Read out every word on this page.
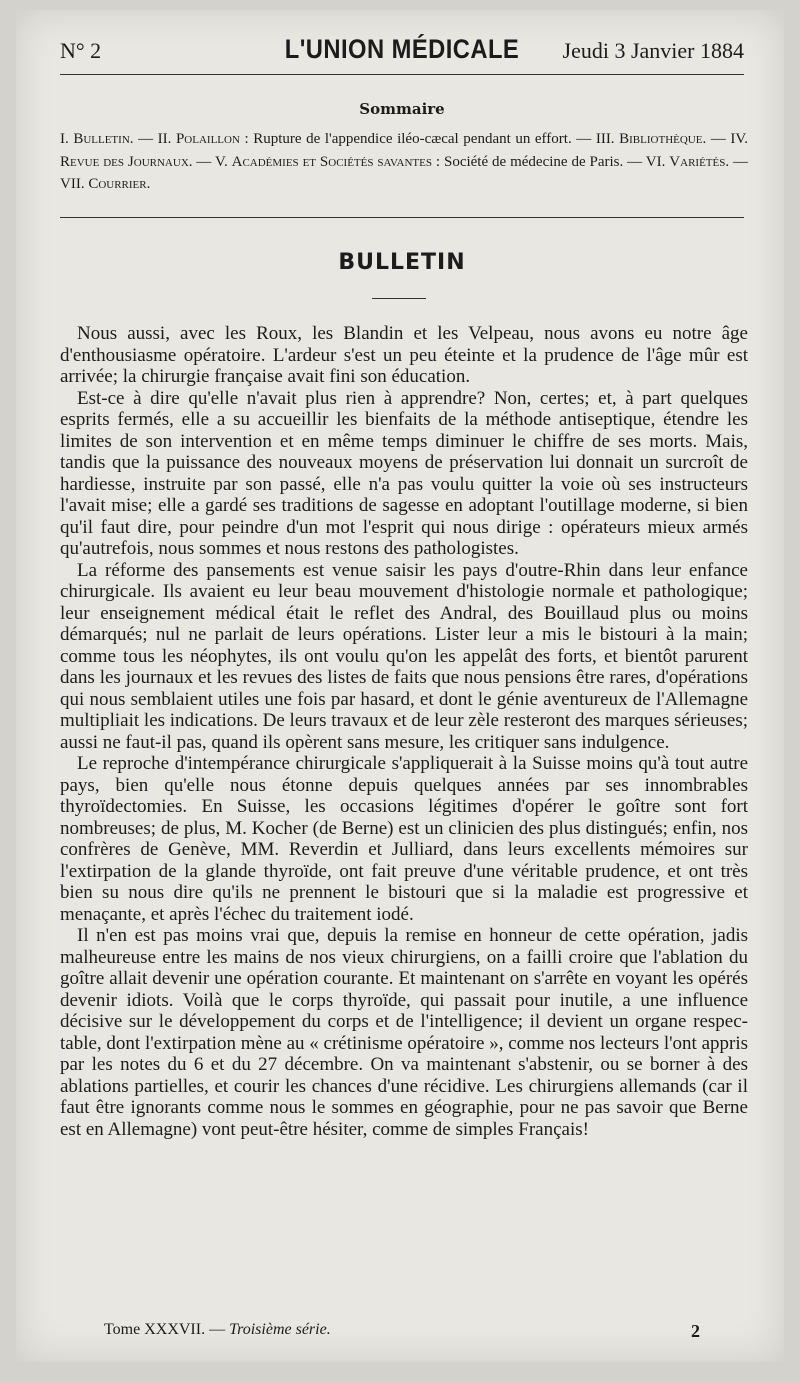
N° 2	L'UNION MÉDICALE	Jeudi 3 Janvier 1884
Sommaire
I. Bulletin. — II. Polaillon : Rupture de l'appendice iléo-cæcal pendant un effort. — III. Bibliothèque. — IV. Revue des Journaux. — V. Académies et Sociétés savantes : Société de médecine de Paris. — VI. Variétés. — VII. Courrier.
BULLETIN

Nous aussi, avec les Roux, les Blandin et les Velpeau, nous avons eu notre âge d'enthousiasme opératoire. L'ardeur s'est un peu éteinte et la prudence de l'âge mûr est arrivée; la chirurgie française avait fini son éducation.

Est-ce à dire qu'elle n'avait plus rien à apprendre? Non, certes; et, à part quelques esprits fermés, elle a su accueillir les bienfaits de la méthode antiseptique, étendre les limites de son intervention et en même temps diminuer le chiffre de ses morts. Mais, tandis que la puissance des nouveaux moyens de préservation lui donnait un surcroît de hardiesse, instruite par son passé, elle n'a pas voulu quitter la voie où ses instructeurs l'avait mise; elle a gardé ses traditions de sagesse en adoptant l'outillage moderne, si bien qu'il faut dire, pour peindre d'un mot l'esprit qui nous dirige : opérateurs mieux armés qu'autrefois, nous sommes et nous restons des pathologistes.

La réforme des pansements est venue saisir les pays d'outre-Rhin dans leur enfance chirurgicale. Ils avaient eu leur beau mouvement d'histologie normale et pathologique; leur enseignement médical était le reflet des Andral, des Bouillaud plus ou moins démarqués; nul ne parlait de leurs opérations. Lister leur a mis le bistouri à la main; comme tous les néophytes, ils ont voulu qu'on les appelât des forts, et bientôt parurent dans les journaux et les revues des listes de faits que nous pensions être rares, d'opérations qui nous semblaient utiles une fois par hasard, et dont le génie aventureux de l'Allemagne multipliait les indications. De leurs travaux et de leur zèle resteront des marques sérieuses; aussi ne faut-il pas, quand ils opèrent sans mesure, les critiquer sans indulgence.

Le reproche d'intempérance chirurgicale s'appliquerait à la Suisse moins qu'à tout autre pays, bien qu'elle nous étonne depuis quelques années par ses innombrables thyroïdectomies. En Suisse, les occasions légitimes d'opérer le goître sont fort nombreuses; de plus, M. Kocher (de Berne) est un clinicien des plus distingués; enfin, nos confrères de Genève, MM. Reverdin et Julliard, dans leurs excellents mémoires sur l'extirpation de la glande thyroïde, ont fait preuve d'une véritable prudence, et ont très bien su nous dire qu'ils ne prennent le bistouri que si la maladie est progressive et menaçante, et après l'échec du traitement iodé.

Il n'en est pas moins vrai que, depuis la remise en honneur de cette opération, jadis malheureuse entre les mains de nos vieux chirurgiens, on a failli croire que l'ablation du goître allait devenir une opération courante. Et maintenant on s'arrête en voyant les opérés devenir idiots. Voilà que le corps thyroïde, qui passait pour inutile, a une influence décisive sur le développement du corps et de l'intelligence; il devient un organe respectable, dont l'extirpation mène au « crétinisme opératoire », comme nos lecteurs l'ont appris par les notes du 6 et du 27 décembre. On va maintenant s'abstenir, ou se borner à des ablations partielles, et courir les chances d'une récidive. Les chirurgiens allemands (car il faut être ignorants comme nous le sommes en géographie, pour ne pas savoir que Berne est en Allemagne) vont peut-être hésiter, comme de simples Français!

Tome XXXVII. — Troisième série.	2
